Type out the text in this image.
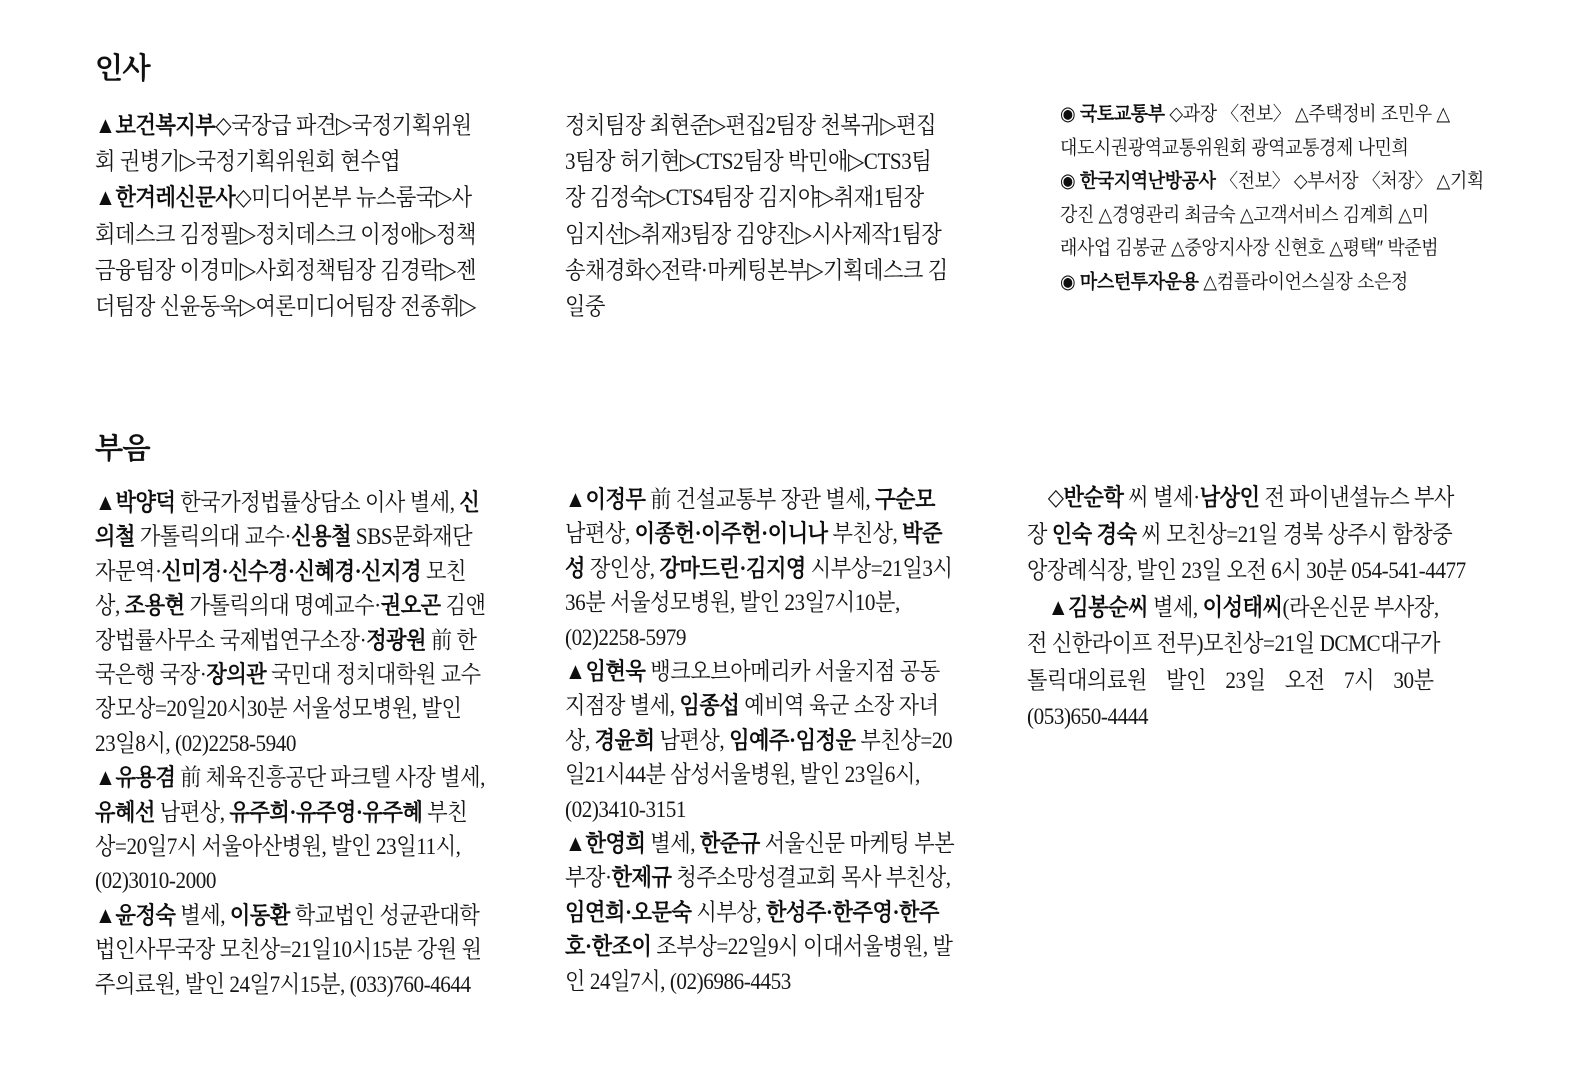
인사
▲보건복지부◇국장급 파견▷국정기획위원
회 권병기▷국정기획위원회 현수엽
▲한겨레신문사◇미디어본부 뉴스룸국▷사
회데스크 김정필▷정치데스크 이정애▷정책
금융팀장 이경미▷사회정책팀장 김경락▷젠
더팀장 신윤동욱▷여론미디어팀장 전종휘▷
정치팀장 최현준▷편집2팀장 천복귀▷편집
3팀장 허기현▷CTS2팀장 박민애▷CTS3팀
장 김정숙▷CTS4팀장 김지야▷취재1팀장
임지선▷취재3팀장 김양진▷시사제작1팀장
송채경화◇전략·마케팅본부▷기획데스크 김
일중
◉ 국토교통부 ◇과장 〈전보〉 △주택정비 조민우 △
대도시권광역교통위원회 광역교통경제 나민희
◉ 한국지역난방공사 〈전보〉 ◇부서장 〈처장〉 △기획
강진 △경영관리 최금숙 △고객서비스 김계희 △미
래사업 김봉균 △중앙지사장 신현호 △평택″ 박준범
◉ 마스턴투자운용 △컴플라이언스실장 소은정
부음
▲박양덕 한국가정법률상담소 이사 별세, 신
의철 가톨릭의대 교수·신용철 SBS문화재단
자문역·신미경·신수경·신혜경·신지경 모친
상, 조용현 가톨릭의대 명예교수·권오곤 김앤
장법률사무소 국제법연구소장·정광원 前 한
국은행 국장·장의관 국민대 정치대학원 교수
장모상=20일20시30분 서울성모병원, 발인
23일8시, (02)2258-5940
▲유용겸 前 체육진흥공단 파크텔 사장 별세,
유혜선 남편상, 유주희·유주영·유주혜 부친
상=20일7시 서울아산병원, 발인 23일11시,
(02)3010-2000
▲윤정숙 별세, 이동환 학교법인 성균관대학
법인사무국장 모친상=21일10시15분 강원 원
주의료원, 발인 24일7시15분, (033)760-4644
▲이정무 前 건설교통부 장관 별세, 구순모
남편상, 이종헌·이주헌·이니나 부친상, 박준
성 장인상, 강마드린·김지영 시부상=21일3시
36분 서울성모병원, 발인 23일7시10분,
(02)2258-5979
▲임현욱 뱅크오브아메리카 서울지점 공동
지점장 별세, 임종섭 예비역 육군 소장 자녀
상, 경윤희 남편상, 임예주·임정운 부친상=20
일21시44분 삼성서울병원, 발인 23일6시,
(02)3410-3151
▲한영희 별세, 한준규 서울신문 마케팅 부본
부장·한제규 청주소망성결교회 목사 부친상,
임연희·오문숙 시부상, 한성주·한주영·한주
호·한조이 조부상=22일9시 이대서울병원, 발
인 24일7시, (02)6986-4453
◇반순학 씨 별세·남상인 전 파이낸셜뉴스 부사
장 인숙 경숙 씨 모친상=21일 경북 상주시 함창중
앙장례식장, 발인 23일 오전 6시 30분 054-541-4477
▲김봉순씨 별세, 이성태씨(라온신문 부사장,
전 신한라이프 전무)모친상=21일 DCMC대구가
톨릭대의료원 발인 23일 오전 7시 30분
(053)650-4444
